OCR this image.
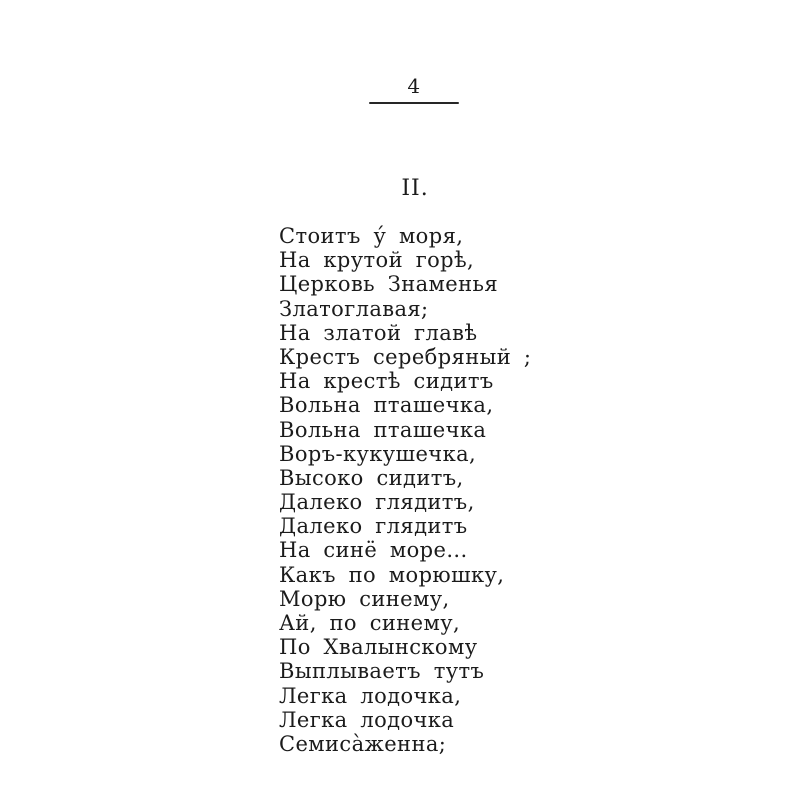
4
II.
Стоитъ у́ моря,
На крутой горѣ,
Церковь Знаменья
Златоглавая;
На златой главѣ
Крестъ серебряный ;
На крестѣ сидитъ
Вольна пташечка,
Вольна пташечка
Воръ-кукушечка,
Высоко сидитъ,
Далеко глядитъ,
Далеко глядитъ
На синё море...
Какъ по морюшку,
Морю синему,
Ай, по синему,
По Хвалынскому
Выплываетъ тутъ
Легка лодочка,
Легка лодочка
Семиса̀женна;
